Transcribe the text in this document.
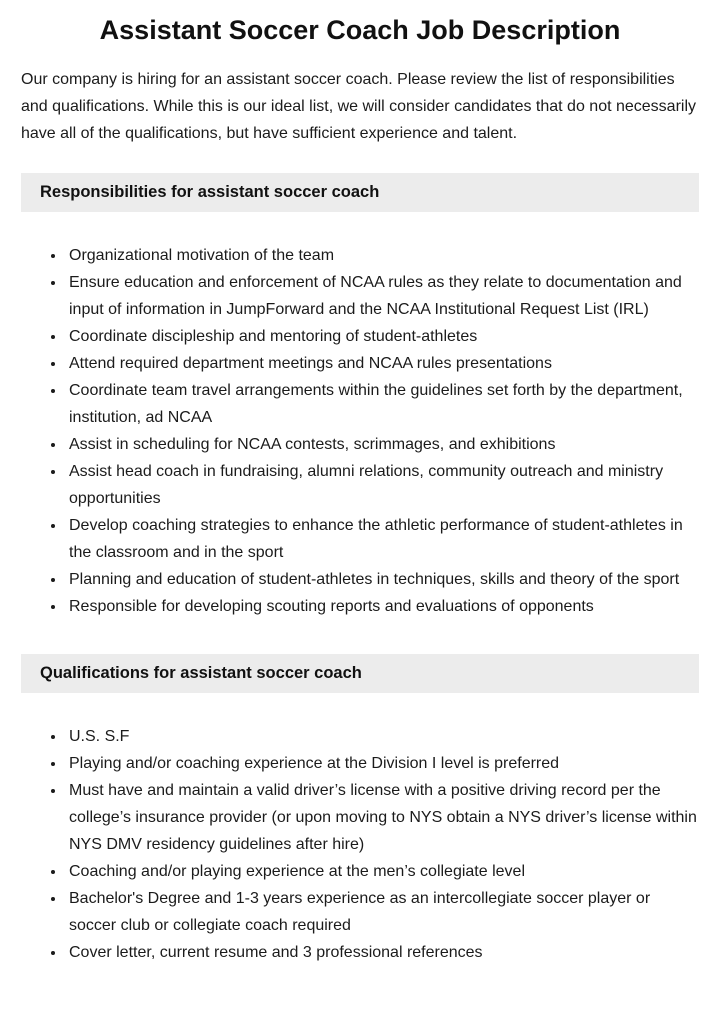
Assistant Soccer Coach Job Description

Our company is hiring for an assistant soccer coach. Please review the list of responsibilities and qualifications. While this is our ideal list, we will consider candidates that do not necessarily have all of the qualifications, but have sufficient experience and talent.

Responsibilities for assistant soccer coach
• Organizational motivation of the team
• Ensure education and enforcement of NCAA rules as they relate to documentation and input of information in JumpForward and the NCAA Institutional Request List (IRL)
• Coordinate discipleship and mentoring of student-athletes
• Attend required department meetings and NCAA rules presentations
• Coordinate team travel arrangements within the guidelines set forth by the department, institution, ad NCAA
• Assist in scheduling for NCAA contests, scrimmages, and exhibitions
• Assist head coach in fundraising, alumni relations, community outreach and ministry opportunities
• Develop coaching strategies to enhance the athletic performance of student-athletes in the classroom and in the sport
• Planning and education of student-athletes in techniques, skills and theory of the sport
• Responsible for developing scouting reports and evaluations of opponents
Qualifications for assistant soccer coach
• U.S. S.F
• Playing and/or coaching experience at the Division I level is preferred
• Must have and maintain a valid driver’s license with a positive driving record per the college’s insurance provider (or upon moving to NYS obtain a NYS driver’s license within NYS DMV residency guidelines after hire)
• Coaching and/or playing experience at the men’s collegiate level
• Bachelor's Degree and 1-3 years experience as an intercollegiate soccer player or soccer club or collegiate coach required
• Cover letter, current resume and 3 professional references
